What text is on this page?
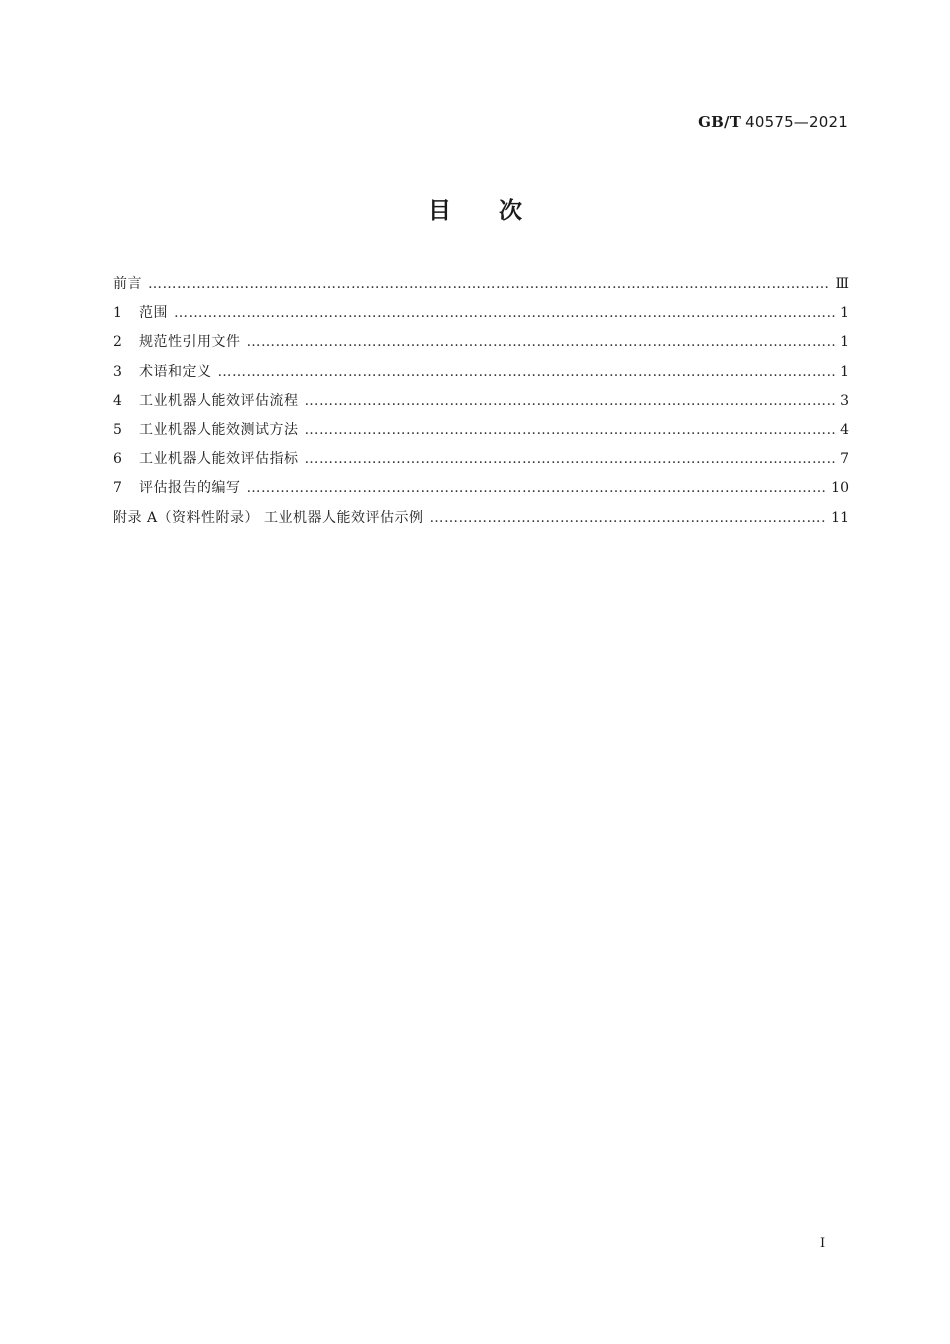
GB/T 40575—2021
目次
前言 ………………………………………………………………………………………………………………………………………………………………………………………………	Ⅲ
1	范围 ………………………………………………………………………………………………………………………………………………………………………………………………	1
2	规范性引用文件 ………………………………………………………………………………………………………………………………………………………………………………………………	1
3	术语和定义 ………………………………………………………………………………………………………………………………………………………………………………………………	1
4	工业机器人能效评估流程 ………………………………………………………………………………………………………………………………………………………………………………………………	3
5	工业机器人能效测试方法 ………………………………………………………………………………………………………………………………………………………………………………………………	4
6	工业机器人能效评估指标 ………………………………………………………………………………………………………………………………………………………………………………………………	7
7	评估报告的编写 ………………………………………………………………………………………………………………………………………………………………………………………………	10
附录 A（资料性附录） 工业机器人能效评估示例 ………………………………………………………………………………………………………………………………………………………………………………………………	11
Ⅰ
